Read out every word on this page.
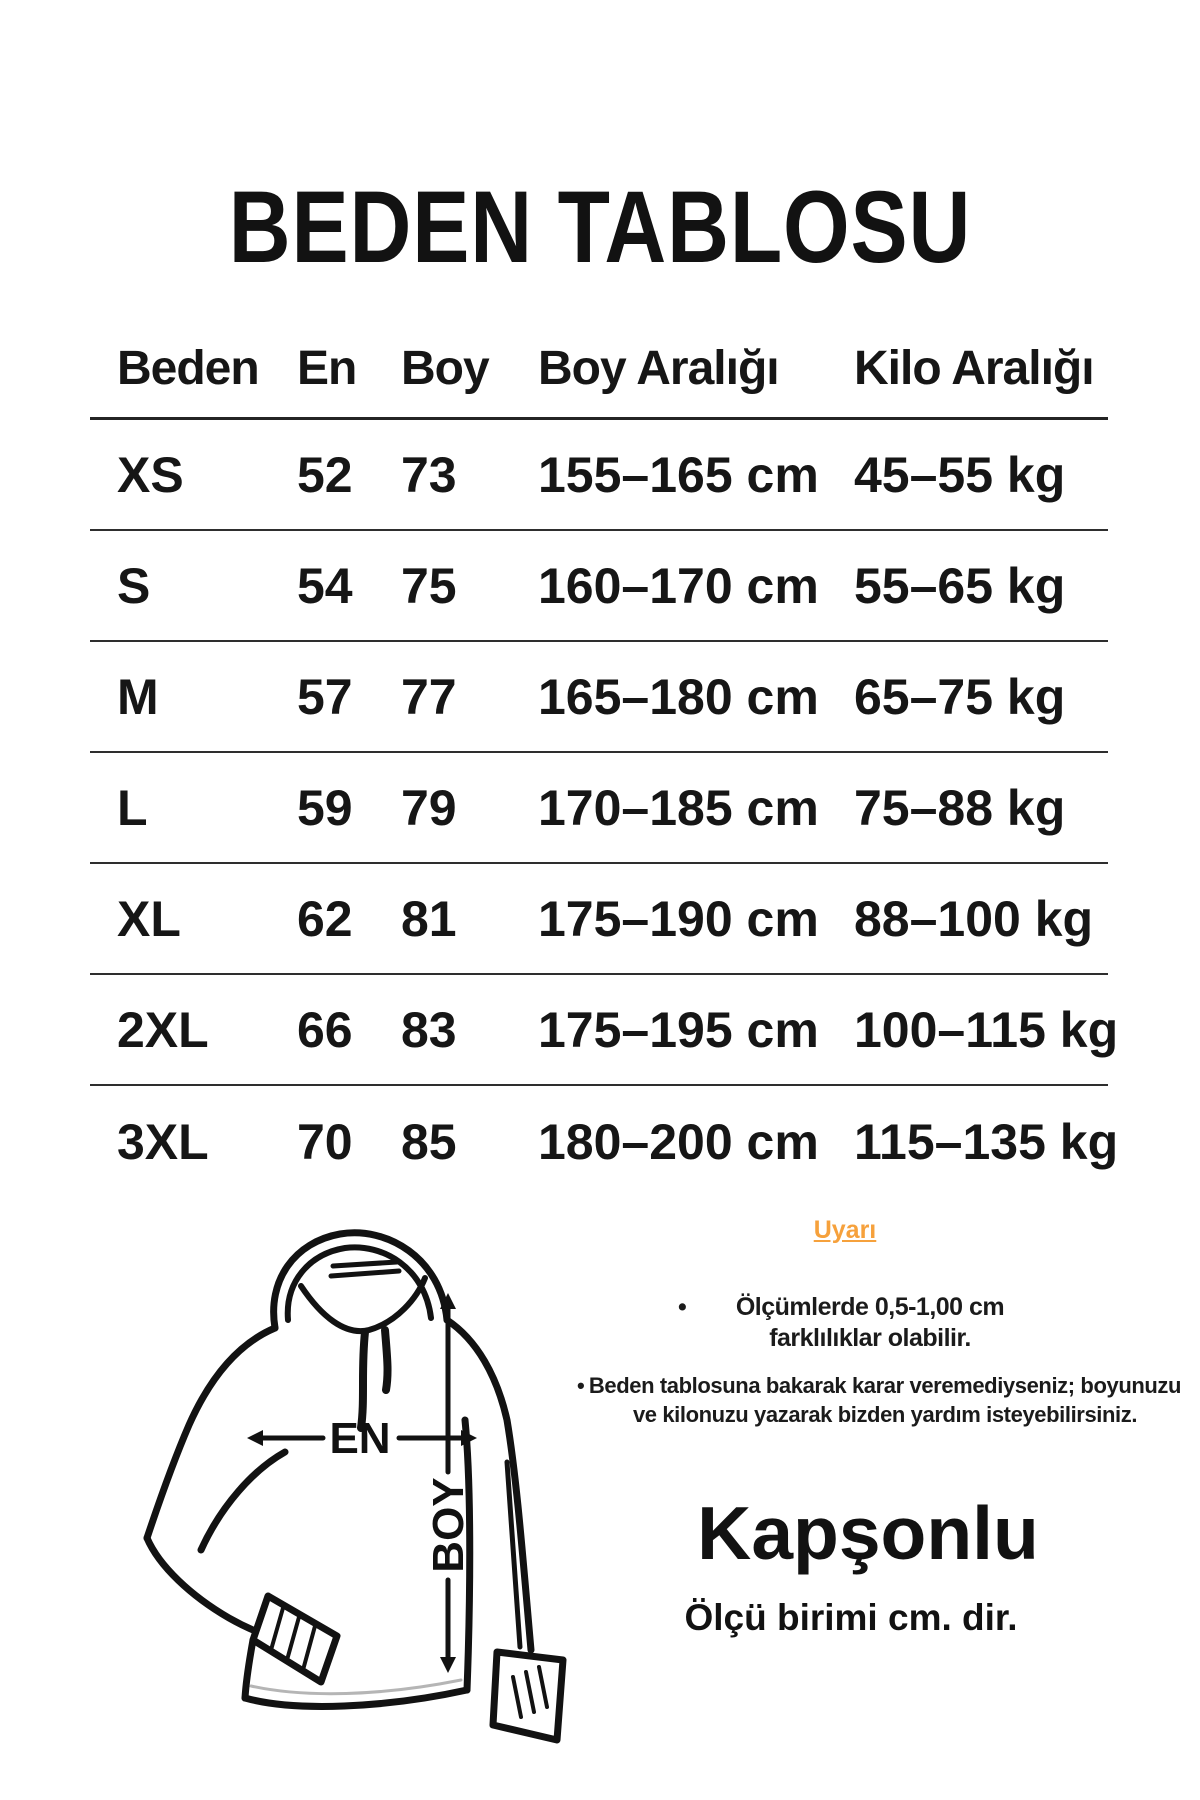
BEDEN TABLOSU
Beden En Boy	Boy Aralığı	Kilo Aralığı
XS	52 73	155–165 cm 45–55 kg
S	54 75	160–170 cm 55–65 kg
M	57 77	165–180 cm 65–75 kg
L	59 79	170–185 cm 75–88 kg
XL	62 81	175–190 cm 88–100 kg
2XL	66 83	175–195 cm 100–115 kg
3XL	70 85	180–200 cm 115–135 kg
EN
BOY
Uyarı
• Ölçümlerde 0,5-1,00 cm
farklılıklar olabilir.
• Beden tablosuna bakarak karar veremediyseniz; boyunuzu
ve kilonuzu yazarak bizden yardım isteyebilirsiniz.
Kapşonlu
Ölçü birimi cm. dir.
